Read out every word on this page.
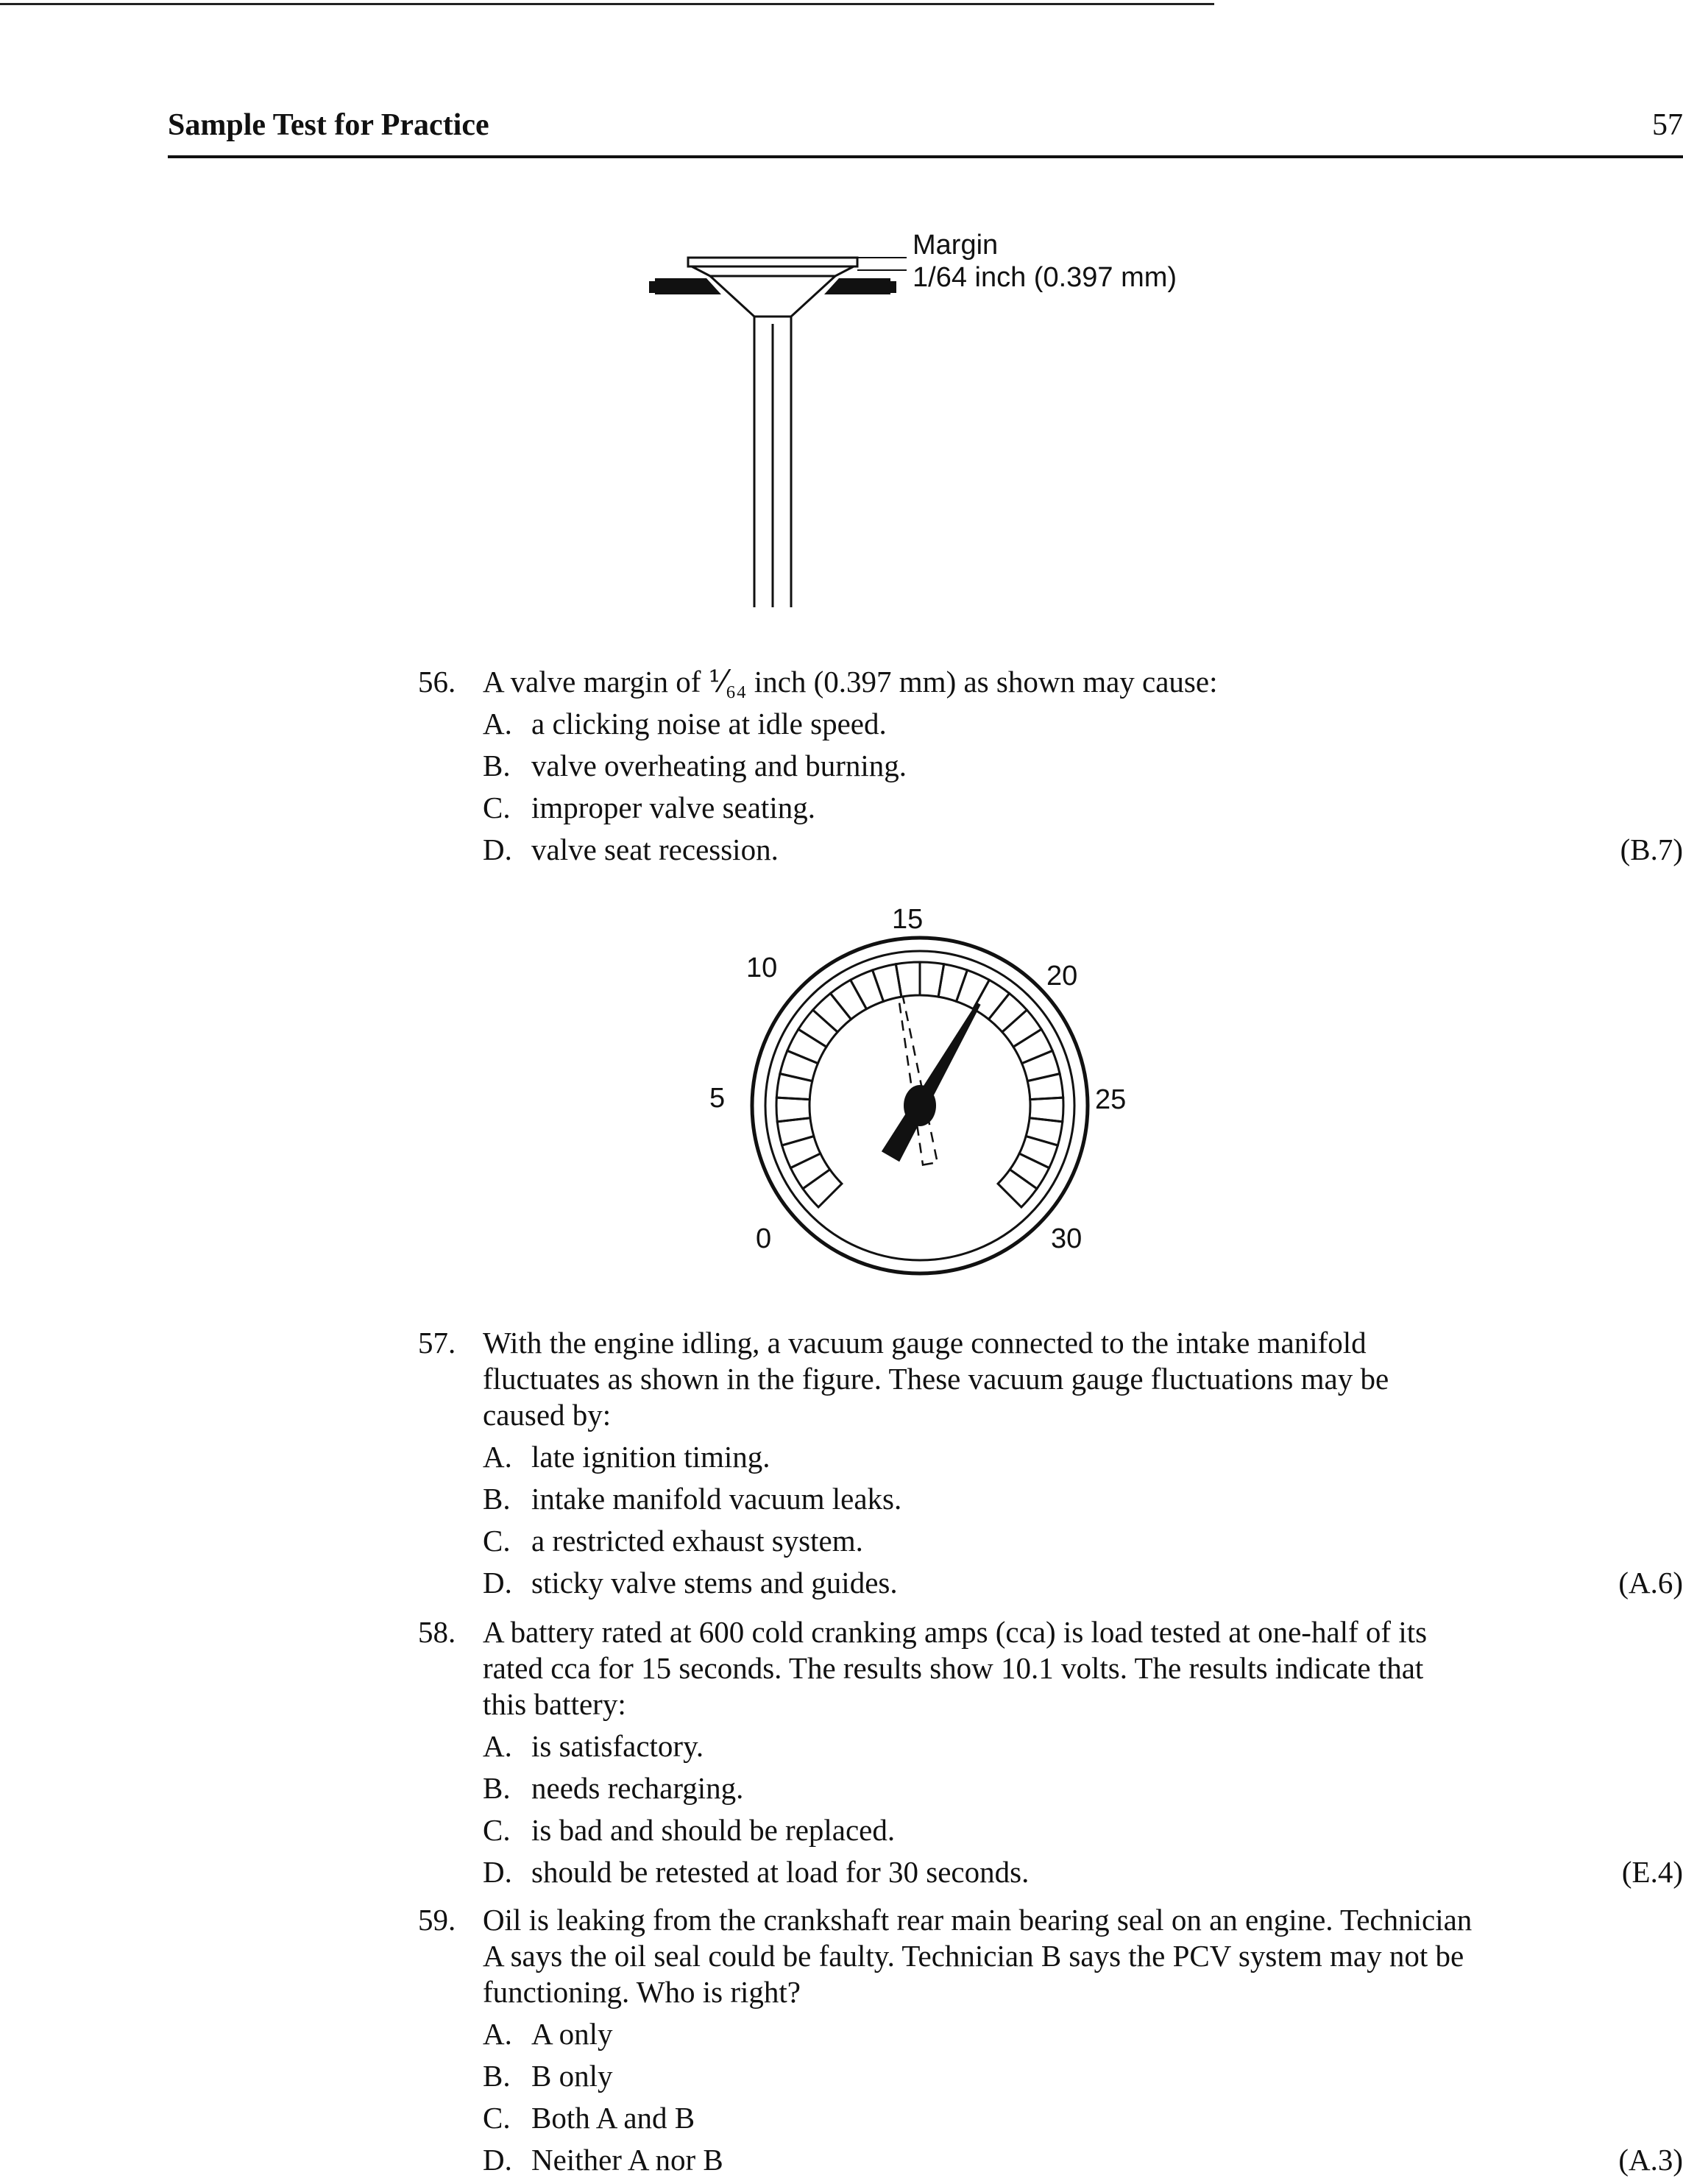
Sample Test for Practice	57
Margin
1/64 inch (0.397 mm)
56. A valve margin of ⅟₆₄ inch (0.397 mm) as shown may cause:
A. a clicking noise at idle speed.
B. valve overheating and burning.
C. improper valve seating.
D. valve seat recession.	(B.7)
0
5
10
15
20
25
30
57. With the engine idling, a vacuum gauge connected to the intake manifold
fluctuates as shown in the figure. These vacuum gauge fluctuations may be
caused by:
A. late ignition timing.
B. intake manifold vacuum leaks.
C. a restricted exhaust system.
D. sticky valve stems and guides.	(A.6)
58. A battery rated at 600 cold cranking amps (cca) is load tested at one-half of its
rated cca for 15 seconds. The results show 10.1 volts. The results indicate that
this battery:
A. is satisfactory.
B. needs recharging.
C. is bad and should be replaced.
D. should be retested at load for 30 seconds.	(E.4)
59. Oil is leaking from the crankshaft rear main bearing seal on an engine. Technician
A says the oil seal could be faulty. Technician B says the PCV system may not be
functioning. Who is right?
A. A only
B. B only
C. Both A and B
D. Neither A nor B	(A.3)
